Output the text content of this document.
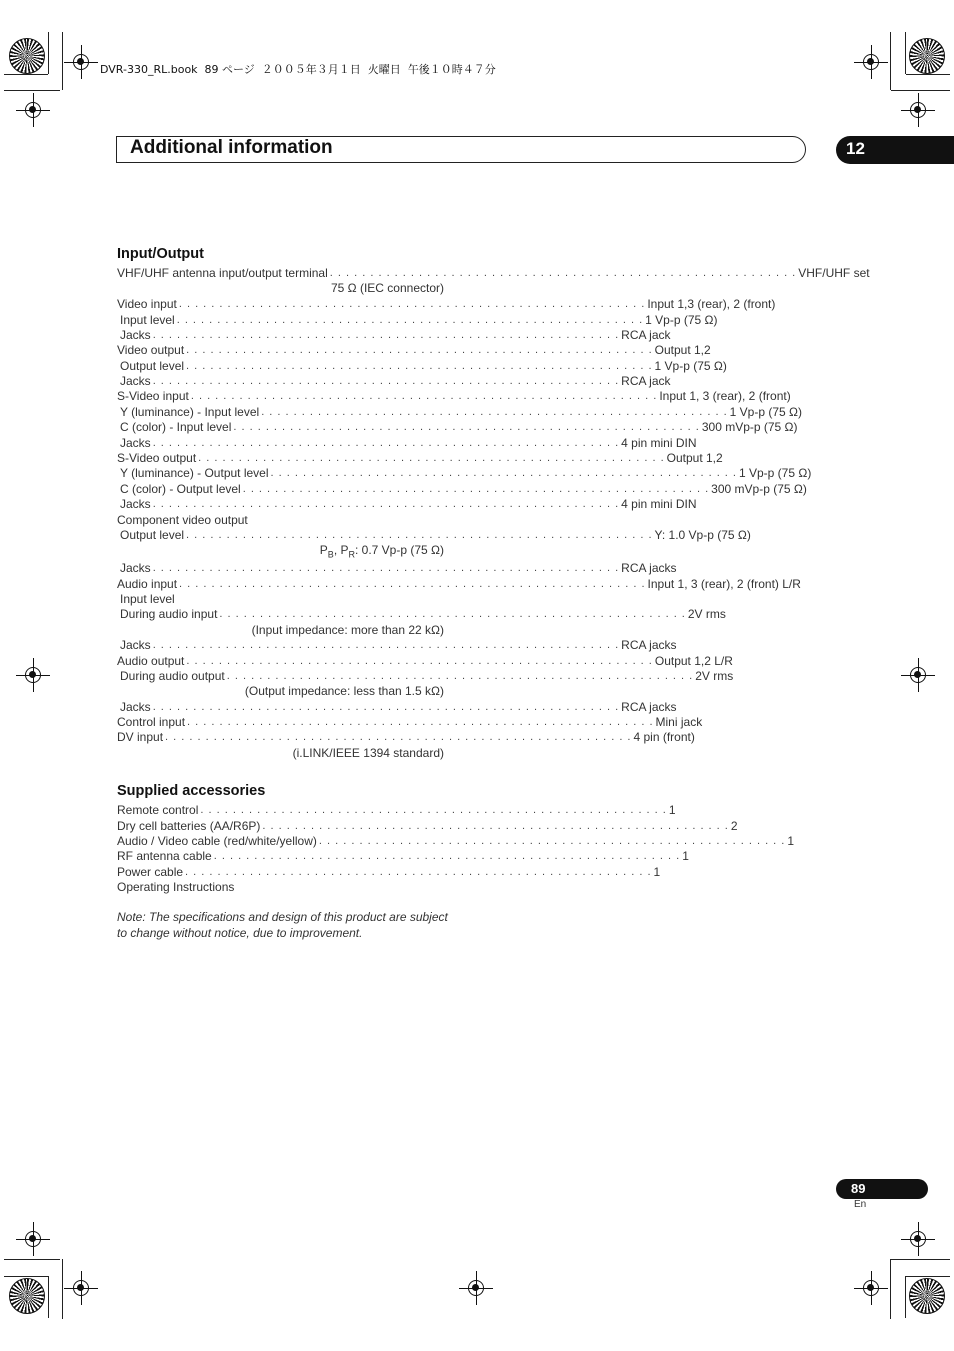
DVR-330_RL.book  89 ページ  ２００５年３月１日  火曜日  午後１０時４７分
Additional information	12
Input/Output
VHF/UHF antenna input/output terminal . . . . . . . . . . . . . . . . . . . . . . . . . . . . . . . . . . . . . . . . . . . . . . . . . . . . . . . . . . VHF/UHF set
75 Ω (IEC connector)
Video input . . . . . . . . . . . . . . . . . . . . . . . . . . . . . . . . . . . . . . . . . . . . . . . . . . . . . . . . . . Input 1,3 (rear), 2 (front)
Input level . . . . . . . . . . . . . . . . . . . . . . . . . . . . . . . . . . . . . . . . . . . . . . . . . . . . . . . . . . 1 Vp-p (75 Ω)
Jacks . . . . . . . . . . . . . . . . . . . . . . . . . . . . . . . . . . . . . . . . . . . . . . . . . . . . . . . . . . RCA jack
Video output . . . . . . . . . . . . . . . . . . . . . . . . . . . . . . . . . . . . . . . . . . . . . . . . . . . . . . . . . . Output 1,2
Output level . . . . . . . . . . . . . . . . . . . . . . . . . . . . . . . . . . . . . . . . . . . . . . . . . . . . . . . . . . 1 Vp-p (75 Ω)
Jacks . . . . . . . . . . . . . . . . . . . . . . . . . . . . . . . . . . . . . . . . . . . . . . . . . . . . . . . . . . RCA jack
S-Video input . . . . . . . . . . . . . . . . . . . . . . . . . . . . . . . . . . . . . . . . . . . . . . . . . . . . . . . . . . Input 1, 3 (rear), 2 (front)
Y (luminance) - Input level . . . . . . . . . . . . . . . . . . . . . . . . . . . . . . . . . . . . . . . . . . . . . . . . . . . . . . . . . . 1 Vp-p (75 Ω)
C (color) - Input level . . . . . . . . . . . . . . . . . . . . . . . . . . . . . . . . . . . . . . . . . . . . . . . . . . . . . . . . . . 300 mVp-p (75 Ω)
Jacks . . . . . . . . . . . . . . . . . . . . . . . . . . . . . . . . . . . . . . . . . . . . . . . . . . . . . . . . . . 4 pin mini DIN
S-Video output . . . . . . . . . . . . . . . . . . . . . . . . . . . . . . . . . . . . . . . . . . . . . . . . . . . . . . . . . . Output 1,2
Y (luminance) - Output level . . . . . . . . . . . . . . . . . . . . . . . . . . . . . . . . . . . . . . . . . . . . . . . . . . . . . . . . . . 1 Vp-p (75 Ω)
C (color) - Output level . . . . . . . . . . . . . . . . . . . . . . . . . . . . . . . . . . . . . . . . . . . . . . . . . . . . . . . . . . 300 mVp-p (75 Ω)
Jacks . . . . . . . . . . . . . . . . . . . . . . . . . . . . . . . . . . . . . . . . . . . . . . . . . . . . . . . . . . 4 pin mini DIN
Component video output
Output level . . . . . . . . . . . . . . . . . . . . . . . . . . . . . . . . . . . . . . . . . . . . . . . . . . . . . . . . . . Y: 1.0 Vp-p (75 Ω)
$P_B$, $P_R$: 0.7 Vp-p (75 Ω)
Jacks . . . . . . . . . . . . . . . . . . . . . . . . . . . . . . . . . . . . . . . . . . . . . . . . . . . . . . . . . . RCA jacks
Audio input . . . . . . . . . . . . . . . . . . . . . . . . . . . . . . . . . . . . . . . . . . . . . . . . . . . . . . . . . . Input 1, 3 (rear), 2 (front) L/R
Input level
During audio input . . . . . . . . . . . . . . . . . . . . . . . . . . . . . . . . . . . . . . . . . . . . . . . . . . . . . . . . . . 2V rms
(Input impedance: more than 22 kΩ)
Jacks . . . . . . . . . . . . . . . . . . . . . . . . . . . . . . . . . . . . . . . . . . . . . . . . . . . . . . . . . . RCA jacks
Audio output . . . . . . . . . . . . . . . . . . . . . . . . . . . . . . . . . . . . . . . . . . . . . . . . . . . . . . . . . . Output 1,2 L/R
During audio output . . . . . . . . . . . . . . . . . . . . . . . . . . . . . . . . . . . . . . . . . . . . . . . . . . . . . . . . . . 2V rms
(Output impedance: less than 1.5 kΩ)
Jacks . . . . . . . . . . . . . . . . . . . . . . . . . . . . . . . . . . . . . . . . . . . . . . . . . . . . . . . . . . RCA jacks
Control input . . . . . . . . . . . . . . . . . . . . . . . . . . . . . . . . . . . . . . . . . . . . . . . . . . . . . . . . . . Mini jack
DV input . . . . . . . . . . . . . . . . . . . . . . . . . . . . . . . . . . . . . . . . . . . . . . . . . . . . . . . . . . 4 pin (front)
(i.LINK/IEEE 1394 standard)
Supplied accessories
Remote control . . . . . . . . . . . . . . . . . . . . . . . . . . . . . . . . . . . . . . . . . . . . . . . . . . . . . . . . . . 1
Dry cell batteries (AA/R6P) . . . . . . . . . . . . . . . . . . . . . . . . . . . . . . . . . . . . . . . . . . . . . . . . . . . . . . . . . . 2
Audio / Video cable (red/white/yellow) . . . . . . . . . . . . . . . . . . . . . . . . . . . . . . . . . . . . . . . . . . . . . . . . . . . . . . . . . . 1
RF antenna cable . . . . . . . . . . . . . . . . . . . . . . . . . . . . . . . . . . . . . . . . . . . . . . . . . . . . . . . . . . 1
Power cable . . . . . . . . . . . . . . . . . . . . . . . . . . . . . . . . . . . . . . . . . . . . . . . . . . . . . . . . . . 1
Operating Instructions
Note: The specifications and design of this product are subject to change without notice, due to improvement.
89
En
